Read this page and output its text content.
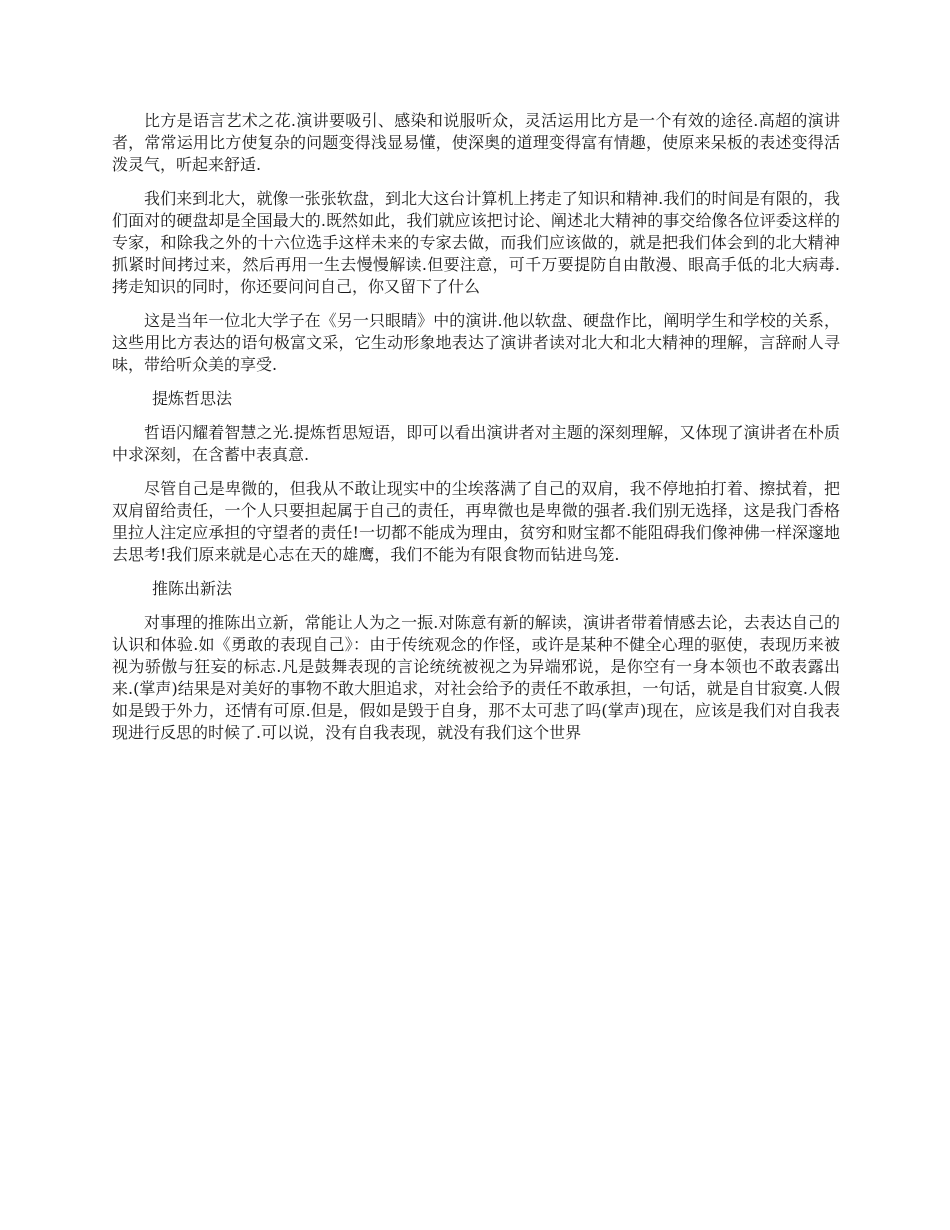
比方是语言艺术之花.演讲要吸引、感染和说服听众，灵活运用比方是一个有效的途径.高超的演讲者，常常运用比方使复杂的问题变得浅显易懂，使深奥的道理变得富有情趣，使原来呆板的表述变得活泼灵气，听起来舒适.

我们来到北大，就像一张张软盘，到北大这台计算机上拷走了知识和精神.我们的时间是有限的，我们面对的硬盘却是全国最大的.既然如此，我们就应该把讨论、阐述北大精神的事交给像各位评委这样的专家，和除我之外的十六位选手这样未来的专家去做，而我们应该做的，就是把我们体会到的北大精神抓紧时间拷过来，然后再用一生去慢慢解读.但要注意，可千万要提防自由散漫、眼高手低的北大病毒.拷走知识的同时，你还要问问自己，你又留下了什么

这是当年一位北大学子在《另一只眼睛》中的演讲.他以软盘、硬盘作比，阐明学生和学校的关系，这些用比方表达的语句极富文采，它生动形象地表达了演讲者读对北大和北大精神的理解，言辞耐人寻味，带给听众美的享受.

提炼哲思法

哲语闪耀着智慧之光.提炼哲思短语，即可以看出演讲者对主题的深刻理解，又体现了演讲者在朴质中求深刻，在含蓄中表真意.

尽管自己是卑微的，但我从不敢让现实中的尘埃落满了自己的双肩，我不停地拍打着、擦拭着，把双肩留给责任，一个人只要担起属于自己的责任，再卑微也是卑微的强者.我们别无选择，这是我门香格里拉人注定应承担的守望者的责任!一切都不能成为理由，贫穷和财宝都不能阻碍我们像神佛一样深邃地去思考!我们原来就是心志在天的雄鹰，我们不能为有限食物而钻进鸟笼.

推陈出新法

对事理的推陈出立新，常能让人为之一振.对陈意有新的解读，演讲者带着情感去论，去表达自己的认识和体验.如《勇敢的表现自己》：由于传统观念的作怪，或许是某种不健全心理的驱使，表现历来被视为骄傲与狂妄的标志.凡是鼓舞表现的言论统统被视之为异端邪说，是你空有一身本领也不敢表露出来.(掌声)结果是对美好的事物不敢大胆追求，对社会给予的责任不敢承担，一句话，就是自甘寂寞.人假如是毁于外力，还情有可原.但是，假如是毁于自身，那不太可悲了吗(掌声)现在，应该是我们对自我表现进行反思的时候了.可以说，没有自我表现，就没有我们这个世界
